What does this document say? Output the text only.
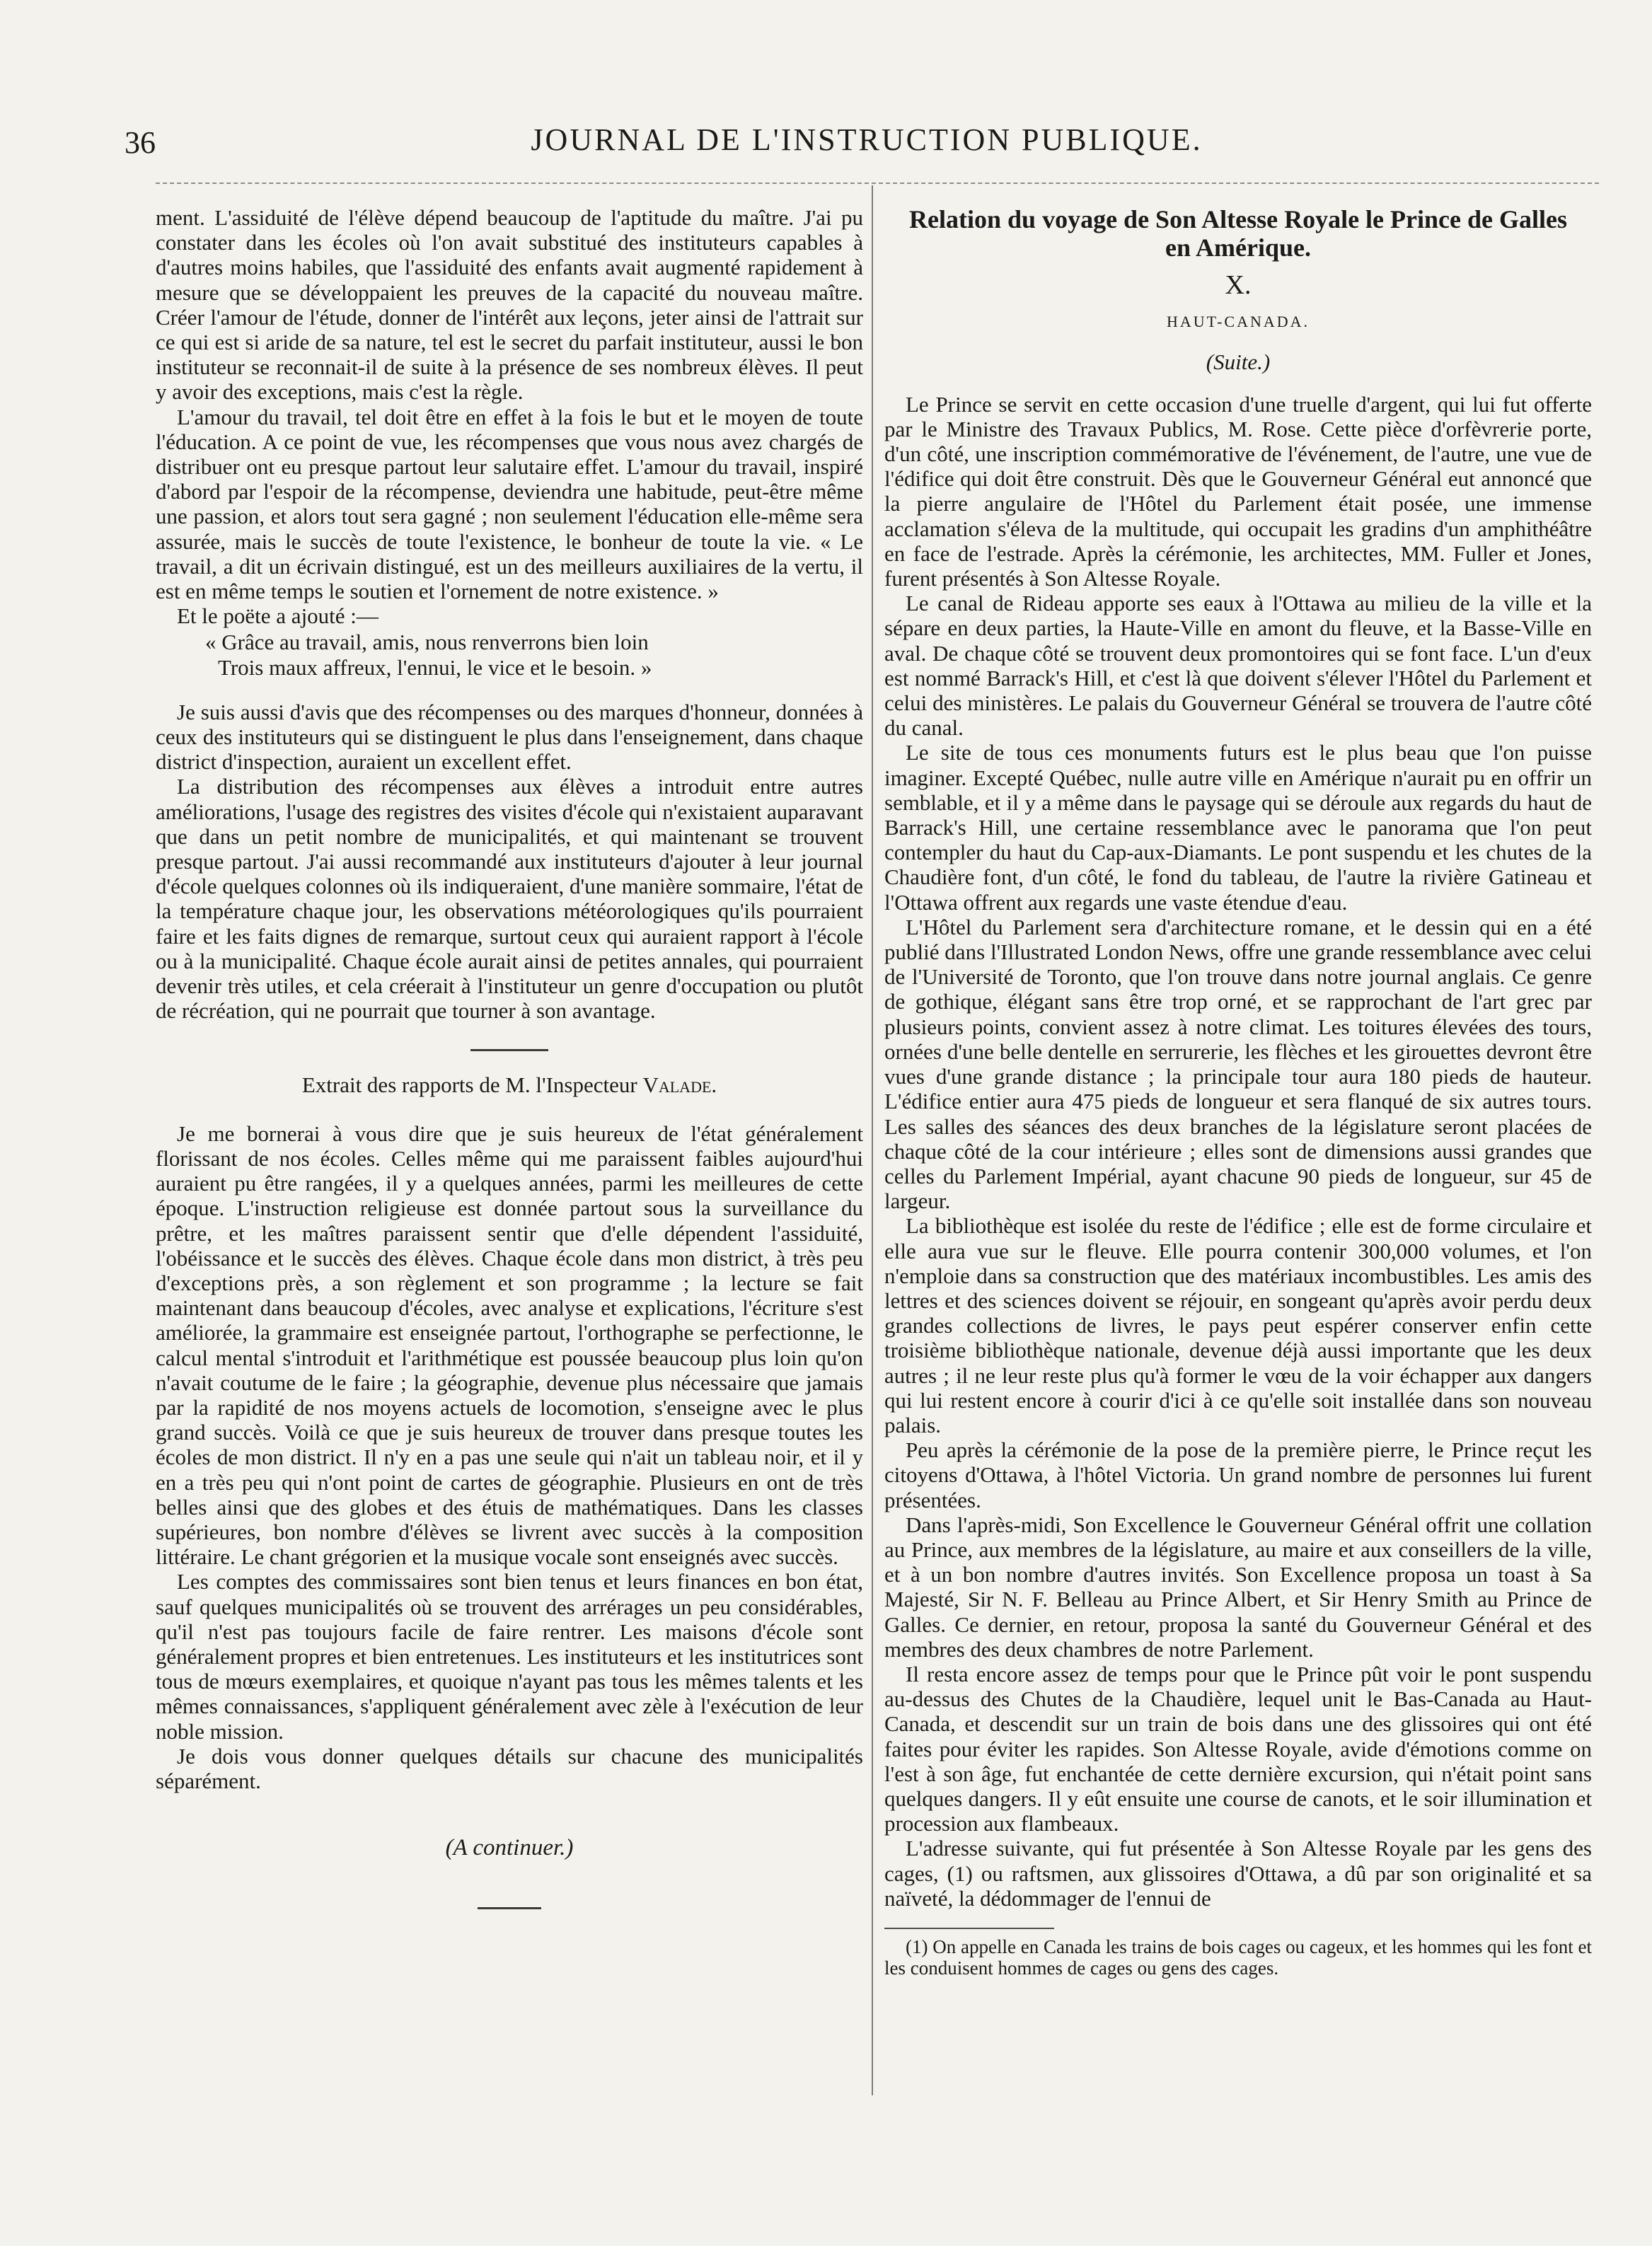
36	JOURNAL DE L'INSTRUCTION PUBLIQUE.

ment. L'assiduité de l'élève dépend beaucoup de l'aptitude du maître. J'ai pu constater dans les écoles où l'on avait substitué des instituteurs capables à d'autres moins habiles, que l'assiduité des enfants avait augmenté rapidement à mesure que se développaient les preuves de la capacité du nouveau maître. Créer l'amour de l'étude, donner de l'intérêt aux leçons, jeter ainsi de l'attrait sur ce qui est si aride de sa nature, tel est le secret du parfait instituteur, aussi le bon instituteur se reconnait-il de suite à la présence de ses nombreux élèves. Il peut y avoir des exceptions, mais c'est la règle.

L'amour du travail, tel doit être en effet à la fois le but et le moyen de toute l'éducation. A ce point de vue, les récompenses que vous nous avez chargés de distribuer ont eu presque partout leur salutaire effet. L'amour du travail, inspiré d'abord par l'espoir de la récompense, deviendra une habitude, peut-être même une passion, et alors tout sera gagné ; non seulement l'éducation elle-même sera assurée, mais le succès de toute l'existence, le bonheur de toute la vie. « Le travail, a dit un écrivain distingué, est un des meilleurs auxiliaires de la vertu, il est en même temps le soutien et l'ornement de notre existence. »

Et le poëte a ajouté :—

« Grâce au travail, amis, nous renverrons bien loin

Trois maux affreux, l'ennui, le vice et le besoin. »

Je suis aussi d'avis que des récompenses ou des marques d'honneur, données à ceux des instituteurs qui se distinguent le plus dans l'enseignement, dans chaque district d'inspection, auraient un excellent effet.

La distribution des récompenses aux élèves a introduit entre autres améliorations, l'usage des registres des visites d'école qui n'existaient auparavant que dans un petit nombre de municipalités, et qui maintenant se trouvent presque partout. J'ai aussi recommandé aux instituteurs d'ajouter à leur journal d'école quelques colonnes où ils indiqueraient, d'une manière sommaire, l'état de la température chaque jour, les observations météorologiques qu'ils pourraient faire et les faits dignes de remarque, surtout ceux qui auraient rapport à l'école ou à la municipalité. Chaque école aurait ainsi de petites annales, qui pourraient devenir très utiles, et cela créerait à l'instituteur un genre d'occupation ou plutôt de récréation, qui ne pourrait que tourner à son avantage.

Extrait des rapports de M. l'Inspecteur Valade.

Je me bornerai à vous dire que je suis heureux de l'état généralement florissant de nos écoles. Celles même qui me paraissent faibles aujourd'hui auraient pu être rangées, il y a quelques années, parmi les meilleures de cette époque. L'instruction religieuse est donnée partout sous la surveillance du prêtre, et les maîtres paraissent sentir que d'elle dépendent l'assiduité, l'obéissance et le succès des élèves. Chaque école dans mon district, à très peu d'exceptions près, a son règlement et son programme ; la lecture se fait maintenant dans beaucoup d'écoles, avec analyse et explications, l'écriture s'est améliorée, la grammaire est enseignée partout, l'orthographe se perfectionne, le calcul mental s'introduit et l'arithmétique est poussée beaucoup plus loin qu'on n'avait coutume de le faire ; la géographie, devenue plus nécessaire que jamais par la rapidité de nos moyens actuels de locomotion, s'enseigne avec le plus grand succès. Voilà ce que je suis heureux de trouver dans presque toutes les écoles de mon district. Il n'y en a pas une seule qui n'ait un tableau noir, et il y en a très peu qui n'ont point de cartes de géographie. Plusieurs en ont de très belles ainsi que des globes et des étuis de mathématiques. Dans les classes supérieures, bon nombre d'élèves se livrent avec succès à la composition littéraire. Le chant grégorien et la musique vocale sont enseignés avec succès.

Les comptes des commissaires sont bien tenus et leurs finances en bon état, sauf quelques municipalités où se trouvent des arrérages un peu considérables, qu'il n'est pas toujours facile de faire rentrer. Les maisons d'école sont généralement propres et bien entretenues. Les instituteurs et les institutrices sont tous de mœurs exemplaires, et quoique n'ayant pas tous les mêmes talents et les mêmes connaissances, s'appliquent généralement avec zèle à l'exécution de leur noble mission.

Je dois vous donner quelques détails sur chacune des municipalités séparément.

(A continuer.)

Relation du voyage de Son Altesse Royale le Prince de Galles en Amérique.

X.

HAUT-CANADA.

(Suite.)

Le Prince se servit en cette occasion d'une truelle d'argent, qui lui fut offerte par le Ministre des Travaux Publics, M. Rose. Cette pièce d'orfèvrerie porte, d'un côté, une inscription commémorative de l'événement, de l'autre, une vue de l'édifice qui doit être construit. Dès que le Gouverneur Général eut annoncé que la pierre angulaire de l'Hôtel du Parlement était posée, une immense acclamation s'éleva de la multitude, qui occupait les gradins d'un amphithéâtre en face de l'estrade. Après la cérémonie, les architectes, MM. Fuller et Jones, furent présentés à Son Altesse Royale.

Le canal de Rideau apporte ses eaux à l'Ottawa au milieu de la ville et la sépare en deux parties, la Haute-Ville en amont du fleuve, et la Basse-Ville en aval. De chaque côté se trouvent deux promontoires qui se font face. L'un d'eux est nommé Barrack's Hill, et c'est là que doivent s'élever l'Hôtel du Parlement et celui des ministères. Le palais du Gouverneur Général se trouvera de l'autre côté du canal.

Le site de tous ces monuments futurs est le plus beau que l'on puisse imaginer. Excepté Québec, nulle autre ville en Amérique n'aurait pu en offrir un semblable, et il y a même dans le paysage qui se déroule aux regards du haut de Barrack's Hill, une certaine ressemblance avec le panorama que l'on peut contempler du haut du Cap-aux-Diamants. Le pont suspendu et les chutes de la Chaudière font, d'un côté, le fond du tableau, de l'autre la rivière Gatineau et l'Ottawa offrent aux regards une vaste étendue d'eau.

L'Hôtel du Parlement sera d'architecture romane, et le dessin qui en a été publié dans l'Illustrated London News, offre une grande ressemblance avec celui de l'Université de Toronto, que l'on trouve dans notre journal anglais. Ce genre de gothique, élégant sans être trop orné, et se rapprochant de l'art grec par plusieurs points, convient assez à notre climat. Les toitures élevées des tours, ornées d'une belle dentelle en serrurerie, les flèches et les girouettes devront être vues d'une grande distance ; la principale tour aura 180 pieds de hauteur. L'édifice entier aura 475 pieds de longueur et sera flanqué de six autres tours. Les salles des séances des deux branches de la législature seront placées de chaque côté de la cour intérieure ; elles sont de dimensions aussi grandes que celles du Parlement Impérial, ayant chacune 90 pieds de longueur, sur 45 de largeur.

La bibliothèque est isolée du reste de l'édifice ; elle est de forme circulaire et elle aura vue sur le fleuve. Elle pourra contenir 300,000 volumes, et l'on n'emploie dans sa construction que des matériaux incombustibles. Les amis des lettres et des sciences doivent se réjouir, en songeant qu'après avoir perdu deux grandes collections de livres, le pays peut espérer conserver enfin cette troisième bibliothèque nationale, devenue déjà aussi importante que les deux autres ; il ne leur reste plus qu'à former le vœu de la voir échapper aux dangers qui lui restent encore à courir d'ici à ce qu'elle soit installée dans son nouveau palais.

Peu après la cérémonie de la pose de la première pierre, le Prince reçut les citoyens d'Ottawa, à l'hôtel Victoria. Un grand nombre de personnes lui furent présentées.

Dans l'après-midi, Son Excellence le Gouverneur Général offrit une collation au Prince, aux membres de la législature, au maire et aux conseillers de la ville, et à un bon nombre d'autres invités. Son Excellence proposa un toast à Sa Majesté, Sir N. F. Belleau au Prince Albert, et Sir Henry Smith au Prince de Galles. Ce dernier, en retour, proposa la santé du Gouverneur Général et des membres des deux chambres de notre Parlement.

Il resta encore assez de temps pour que le Prince pût voir le pont suspendu au-dessus des Chutes de la Chaudière, lequel unit le Bas-Canada au Haut-Canada, et descendit sur un train de bois dans une des glissoires qui ont été faites pour éviter les rapides. Son Altesse Royale, avide d'émotions comme on l'est à son âge, fut enchantée de cette dernière excursion, qui n'était point sans quelques dangers. Il y eût ensuite une course de canots, et le soir illumination et procession aux flambeaux.

L'adresse suivante, qui fut présentée à Son Altesse Royale par les gens des cages, (1) ou raftsmen, aux glissoires d'Ottawa, a dû par son originalité et sa naïveté, la dédommager de l'ennui de

(1) On appelle en Canada les trains de bois cages ou cageux, et les hommes qui les font et les conduisent hommes de cages ou gens des cages.
